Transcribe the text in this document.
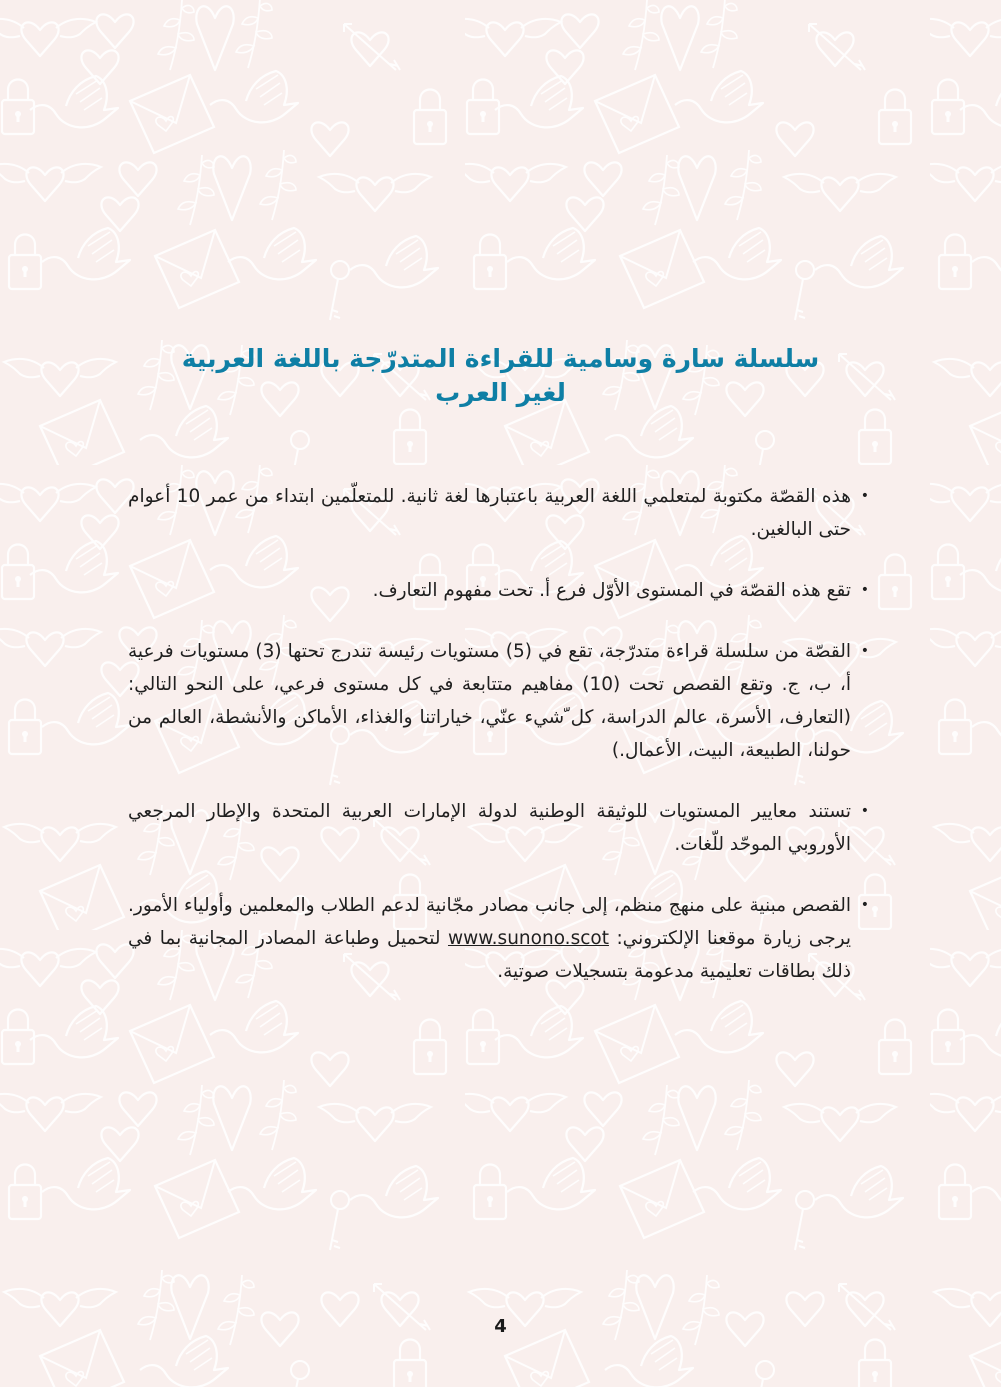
سلسلة سارة وسامية للقراءة المتدرّجة باللغة العربية
لغير العرب
•
هذه القصّة مكتوبة لمتعلمي اللغة العربية باعتبارها لغة ثانية. للمتعلّمين ابتداء من عمر 10 أعوام حتى البالغين.
•
تقع هذه القصّة في المستوى الأوّل فرع أ. تحت مفهوم التعارف.
•
القصّة من سلسلة قراءة متدرّجة، تقع في (5) مستويات رئيسة تندرج تحتها (3) مستويات فرعية أ، ب، ج. وتقع القصص تحت (10) مفاهيم متتابعة في كل مستوى فرعي، على النحو التالي: (التعارف، الأسرة، عالم الدراسة، كل ّشيء عنّي، خياراتنا والغذاء، الأماكن والأنشطة، العالم من حولنا، الطبيعة، البيت، الأعمال.)
•
تستند معايير المستويات للوثيقة الوطنية لدولة الإمارات العربية المتحدة والإطار المرجعي الأوروبي الموحّد للّغات.
•
القصص مبنية على منهج منظم، إلى جانب مصادر مجّانية لدعم الطلاب والمعلمين وأولياء الأمور. يرجى زيارة موقعنا الإلكتروني: www.sunono.scot لتحميل وطباعة المصادر المجانية بما في ذلك بطاقات تعليمية مدعومة بتسجيلات صوتية.
4
